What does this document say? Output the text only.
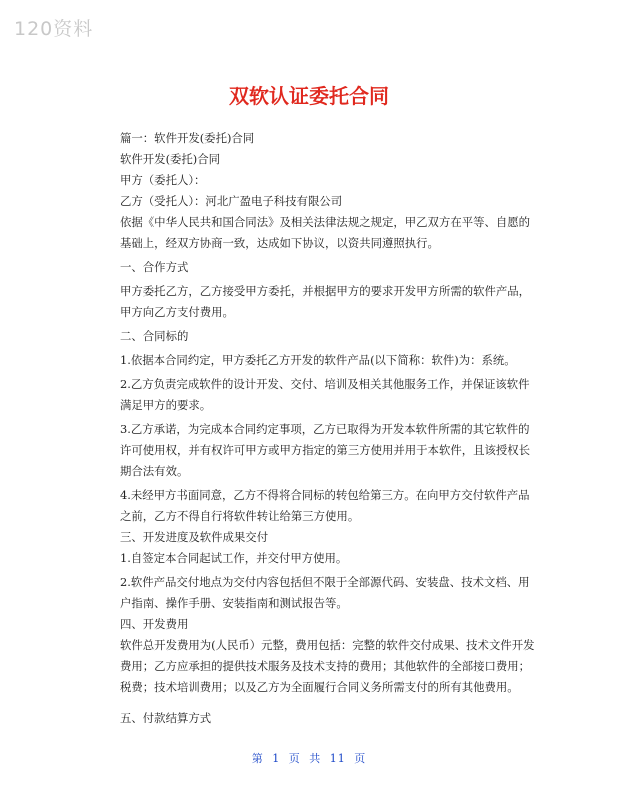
120资料
双软认证委托合同

篇一：软件开发(委托)合同

软件开发(委托)合同

甲方（委托人）：

乙方（受托人）：河北广盈电子科技有限公司

依据《中华人民共和国合同法》及相关法律法规之规定，甲乙双方在平等、自愿的基础上，经双方协商一致，达成如下协议，以资共同遵照执行。

一、合作方式

甲方委托乙方，乙方接受甲方委托，并根据甲方的要求开发甲方所需的软件产品，甲方向乙方支付费用。

二、合同标的

1.依据本合同约定，甲方委托乙方开发的软件产品(以下简称：软件)为：系统。

2.乙方负责完成软件的设计开发、交付、培训及相关其他服务工作，并保证该软件满足甲方的要求。

3.乙方承诺，为完成本合同约定事项，乙方已取得为开发本软件所需的其它软件的许可使用权，并有权许可甲方或甲方指定的第三方使用并用于本软件，且该授权长期合法有效。

4.未经甲方书面同意，乙方不得将合同标的转包给第三方。在向甲方交付软件产品之前，乙方不得自行将软件转让给第三方使用。

三、开发进度及软件成果交付

1.自签定本合同起试工作，并交付甲方使用。

2.软件产品交付地点为交付内容包括但不限于全部源代码、安装盘、技术文档、用户指南、操作手册、安装指南和测试报告等。

四、开发费用

软件总开发费用为(人民币）元整，费用包括：完整的软件交付成果、技术文件开发费用；乙方应承担的提供技术服务及技术支持的费用；其他软件的全部接口费用；税费；技术培训费用；以及乙方为全面履行合同义务所需支付的所有其他费用。

五、付款结算方式

第 1 页 共 11 页
